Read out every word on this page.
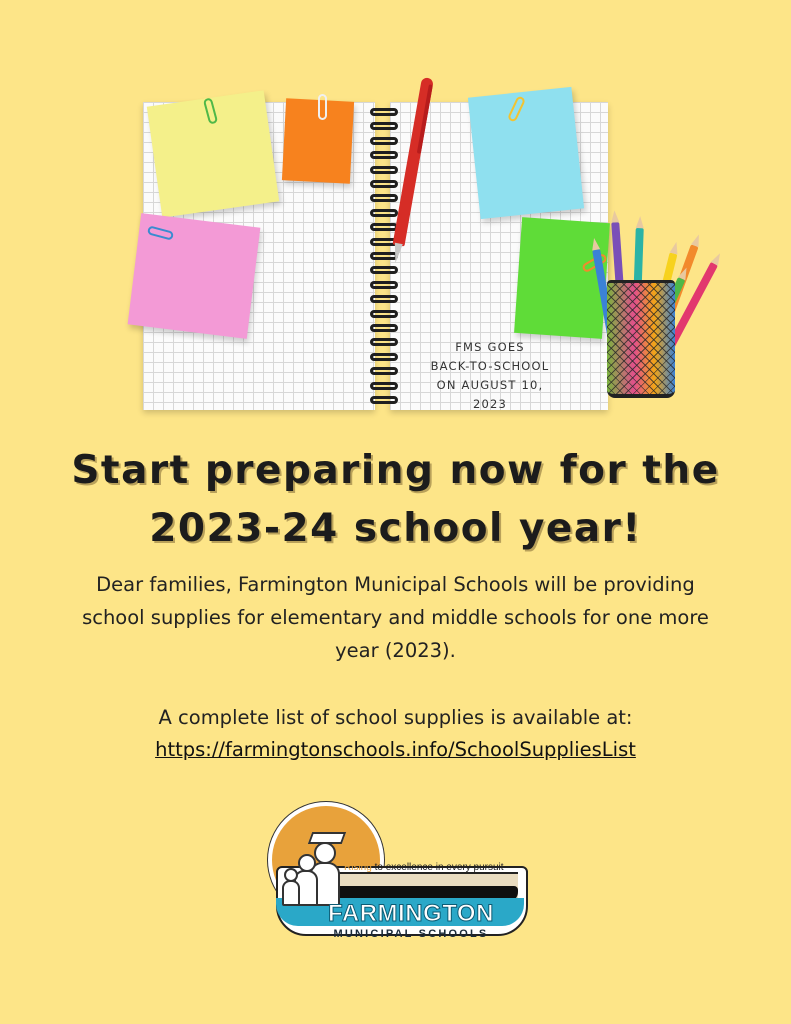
FMS GOES
BACK-TO-SCHOOL
ON AUGUST 10, 2023
Start preparing now for the
2023-24 school year!
Dear families, Farmington Municipal Schools will be providing school supplies for elementary and middle schools for one more year (2023).
A complete list of school supplies is available at:
https://farmingtonschools.info/SchoolSuppliesList
Rising to excellence in every pursuit
FARMINGTON
MUNICIPAL SCHOOLS
